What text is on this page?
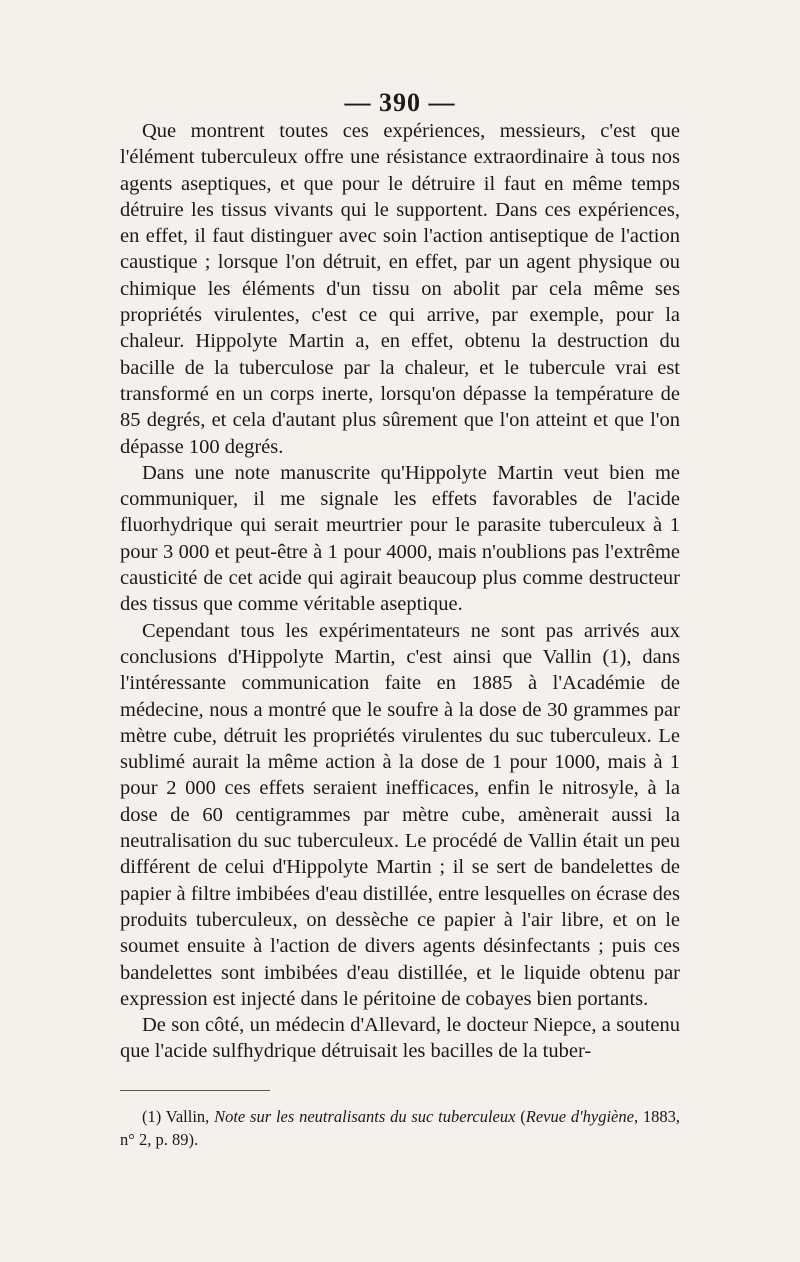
— 390 —

Que montrent toutes ces expériences, messieurs, c'est que l'élément tuberculeux offre une résistance extraordinaire à tous nos agents aseptiques, et que pour le détruire il faut en même temps détruire les tissus vivants qui le supportent. Dans ces expériences, en effet, il faut distinguer avec soin l'action antiseptique de l'action caustique ; lorsque l'on détruit, en effet, par un agent physique ou chimique les éléments d'un tissu on abolit par cela même ses propriétés virulentes, c'est ce qui arrive, par exemple, pour la chaleur. Hippolyte Martin a, en effet, obtenu la destruction du bacille de la tuberculose par la chaleur, et le tubercule vrai est transformé en un corps inerte, lorsqu'on dépasse la température de 85 degrés, et cela d'autant plus sûrement que l'on atteint et que l'on dépasse 100 degrés.

Dans une note manuscrite qu'Hippolyte Martin veut bien me communiquer, il me signale les effets favorables de l'acide fluorhydrique qui serait meurtrier pour le parasite tuberculeux à 1 pour 3 000 et peut-être à 1 pour 4000, mais n'oublions pas l'extrême causticité de cet acide qui agirait beaucoup plus comme destructeur des tissus que comme véritable aseptique.

Cependant tous les expérimentateurs ne sont pas arrivés aux conclusions d'Hippolyte Martin, c'est ainsi que Vallin (1), dans l'intéressante communication faite en 1885 à l'Académie de médecine, nous a montré que le soufre à la dose de 30 grammes par mètre cube, détruit les propriétés virulentes du suc tuberculeux. Le sublimé aurait la même action à la dose de 1 pour 1000, mais à 1 pour 2 000 ces effets seraient inefficaces, enfin le nitrosyle, à la dose de 60 centigrammes par mètre cube, amènerait aussi la neutralisation du suc tuberculeux. Le procédé de Vallin était un peu différent de celui d'Hippolyte Martin ; il se sert de bandelettes de papier à filtre imbibées d'eau distillée, entre lesquelles on écrase des produits tuberculeux, on dessèche ce papier à l'air libre, et on le soumet ensuite à l'action de divers agents désinfectants ; puis ces bandelettes sont imbibées d'eau distillée, et le liquide obtenu par expression est injecté dans le péritoine de cobayes bien portants.

De son côté, un médecin d'Allevard, le docteur Niepce, a soutenu que l'acide sulfhydrique détruisait les bacilles de la tuber-

(1) Vallin, Note sur les neutralisants du suc tuberculeux (Revue d'hygiène, 1883, n° 2, p. 89).
